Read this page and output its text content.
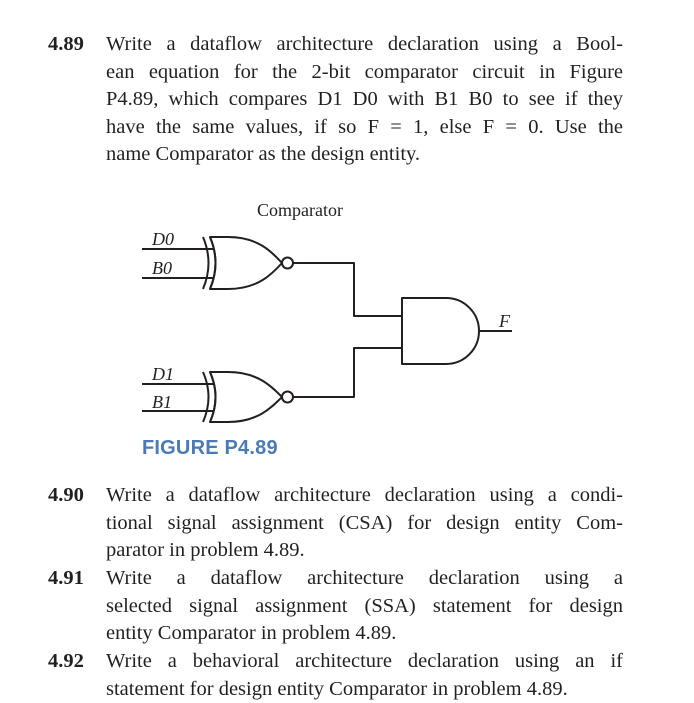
4.89 Write a dataflow architecture declaration using a Bool-
ean equation for the 2-bit comparator circuit in Figure
P4.89, which compares D1 D0 with B1 B0 to see if they
have the same values, if so F = 1, else F = 0. Use the
name Comparator as the design entity.
Comparator
D0
B0
D1
B1
F
FIGURE P4.89
4.90 Write a dataflow architecture declaration using a condi-
tional signal assignment (CSA) for design entity Com-
parator in problem 4.89.
4.91 Write a dataflow architecture declaration using a
selected signal assignment (SSA) statement for design
entity Comparator in problem 4.89.
4.92 Write a behavioral architecture declaration using an if
statement for design entity Comparator in problem 4.89.
